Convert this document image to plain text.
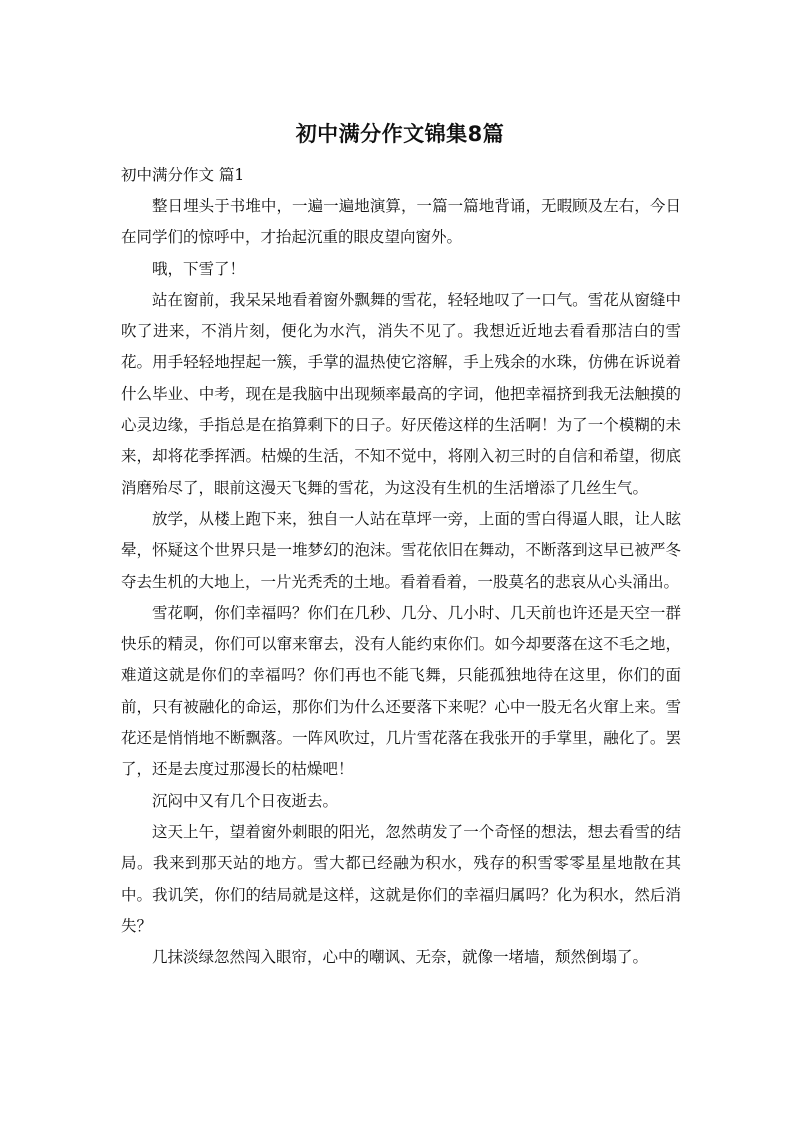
初中满分作文锦集8篇
初中满分作文 篇1

整日埋头于书堆中，一遍一遍地演算，一篇一篇地背诵，无暇顾及左右，今日在同学们的惊呼中，才抬起沉重的眼皮望向窗外。

哦，下雪了！

站在窗前，我呆呆地看着窗外飘舞的雪花，轻轻地叹了一口气。雪花从窗缝中吹了进来，不消片刻，便化为水汽，消失不见了。我想近近地去看看那洁白的雪花。用手轻轻地捏起一簇，手掌的温热使它溶解，手上残余的水珠，仿佛在诉说着什么毕业、中考，现在是我脑中出现频率最高的字词，他把幸福挤到我无法触摸的心灵边缘，手指总是在掐算剩下的日子。好厌倦这样的生活啊！为了一个模糊的未来，却将花季挥洒。枯燥的生活，不知不觉中，将刚入初三时的自信和希望，彻底消磨殆尽了，眼前这漫天飞舞的雪花，为这没有生机的生活增添了几丝生气。

放学，从楼上跑下来，独自一人站在草坪一旁，上面的雪白得逼人眼，让人眩晕，怀疑这个世界只是一堆梦幻的泡沫。雪花依旧在舞动，不断落到这早已被严冬夺去生机的大地上，一片光秃秃的土地。看着看着，一股莫名的悲哀从心头涌出。

雪花啊，你们幸福吗？你们在几秒、几分、几小时、几天前也许还是天空一群快乐的精灵，你们可以窜来窜去，没有人能约束你们。如今却要落在这不毛之地，难道这就是你们的幸福吗？你们再也不能飞舞，只能孤独地待在这里，你们的面前，只有被融化的命运，那你们为什么还要落下来呢？心中一股无名火窜上来。雪花还是悄悄地不断飘落。一阵风吹过，几片雪花落在我张开的手掌里，融化了。罢了，还是去度过那漫长的枯燥吧！

沉闷中又有几个日夜逝去。

这天上午，望着窗外刺眼的阳光，忽然萌发了一个奇怪的想法，想去看雪的结局。我来到那天站的地方。雪大都已经融为积水，残存的积雪零零星星地散在其中。我讥笑，你们的结局就是这样，这就是你们的幸福归属吗？化为积水，然后消失？

几抹淡绿忽然闯入眼帘，心中的嘲讽、无奈，就像一堵墙，颓然倒塌了。
